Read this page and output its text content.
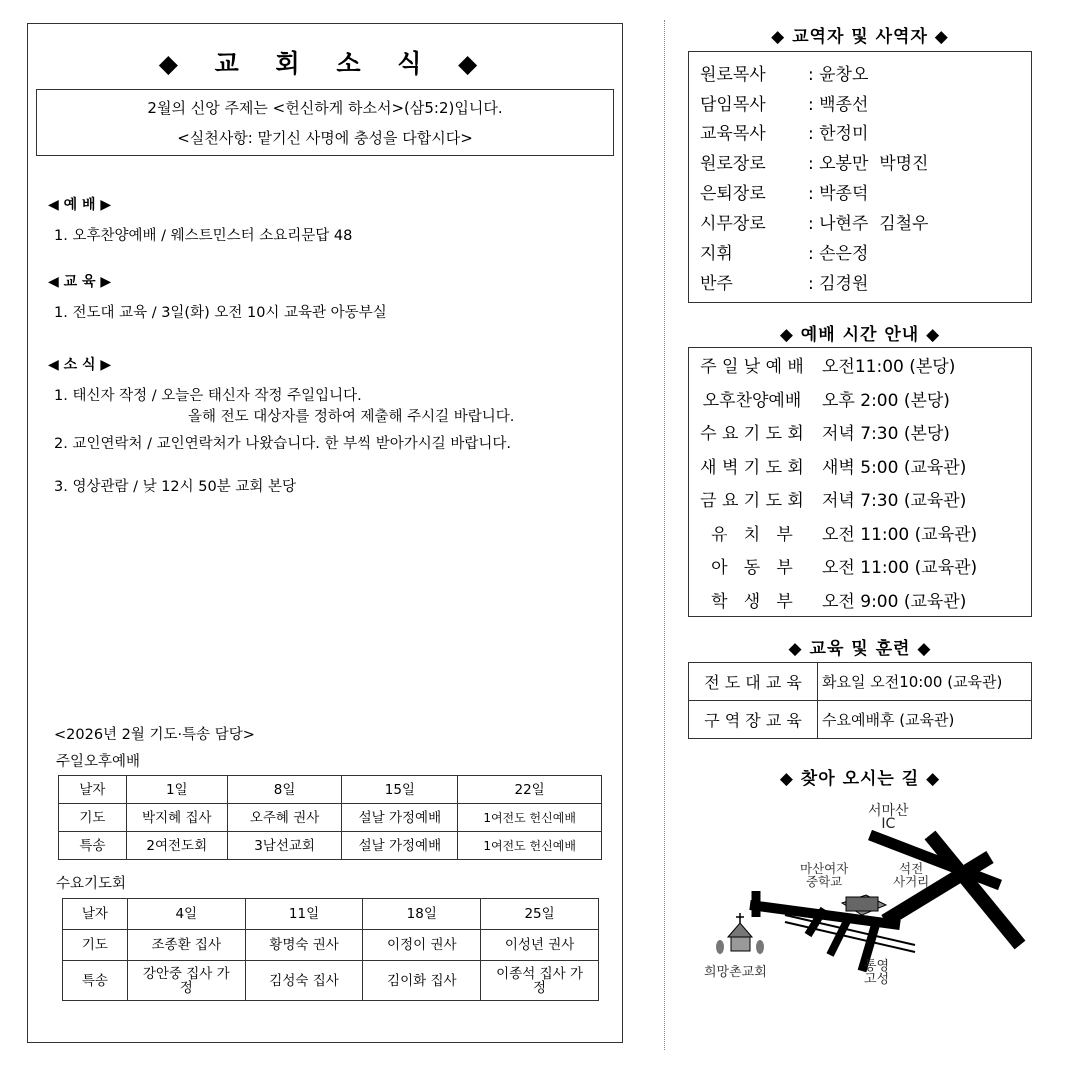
◆ 교 회 소 식 ◆
2월의 신앙 주제는 <헌신하게 하소서>(삼5:2)입니다.
<실천사항: 맡기신 사명에 충성을 다합시다>
◀ 예 배 ▶
1. 오후찬양예배 / 웨스트민스터 소요리문답 48
◀ 교 육 ▶
1. 전도대 교육 / 3일(화) 오전 10시 교육관 아동부실
◀ 소 식 ▶
1. 태신자 작정 / 오늘은 태신자 작정 주일입니다.
올해 전도 대상자를 정하여 제출해 주시길 바랍니다.
2. 교인연락처 / 교인연락처가 나왔습니다. 한 부씩 받아가시길 바랍니다.
3. 영상관람 / 낮 12시 50분 교회 본당
<2026년 2월 기도·특송 담당>
주일오후예배
날자	1일	8일	15일	22일
기도	박지혜 집사	오주혜 권사	설날 가정예배	1여전도 헌신예배
특송	2여전도회	3남선교회	설날 가정예배	1여전도 헌신예배
수요기도회
날자	4일	11일	18일	25일
기도	조종환 집사	황명숙 권사	이정이 권사	이성년 권사
특송	강안중 집사 가정	김성숙 집사	김이화 집사	이종석 집사 가정
◆ 교역자 및 사역자 ◆
원로목사 : 윤창오
담임목사 : 백종선
교육목사 : 한정미
원로장로 : 오봉만  박명진
은퇴장로 : 박종덕
시무장로 : 나현주  김철우
지휘	: 손은정
반주	: 김경원
◆ 예배 시간 안내 ◆
주 일 낮 예 배	오전11:00 (본당)
오후찬양예배	오후 2:00 (본당)
수 요 기 도 회	저녁 7:30 (본당)
새 벽 기 도 회	새벽 5:00 (교육관)
금 요 기 도 회	저녁 7:30 (교육관)
유   치   부	오전 11:00 (교육관)
아   동   부	오전 11:00 (교육관)
학   생   부	오전 9:00 (교육관)
◆ 교육 및 훈련 ◆
전 도 대 교 육	화요일 오전10:00 (교육관)
구 역 장 교 육	수요예배후 (교육관)
◆ 찾아 오시는 길 ◆
서마산
IC
마산여자
중학교
석전
사거리
희망촌교회	통영
고성
